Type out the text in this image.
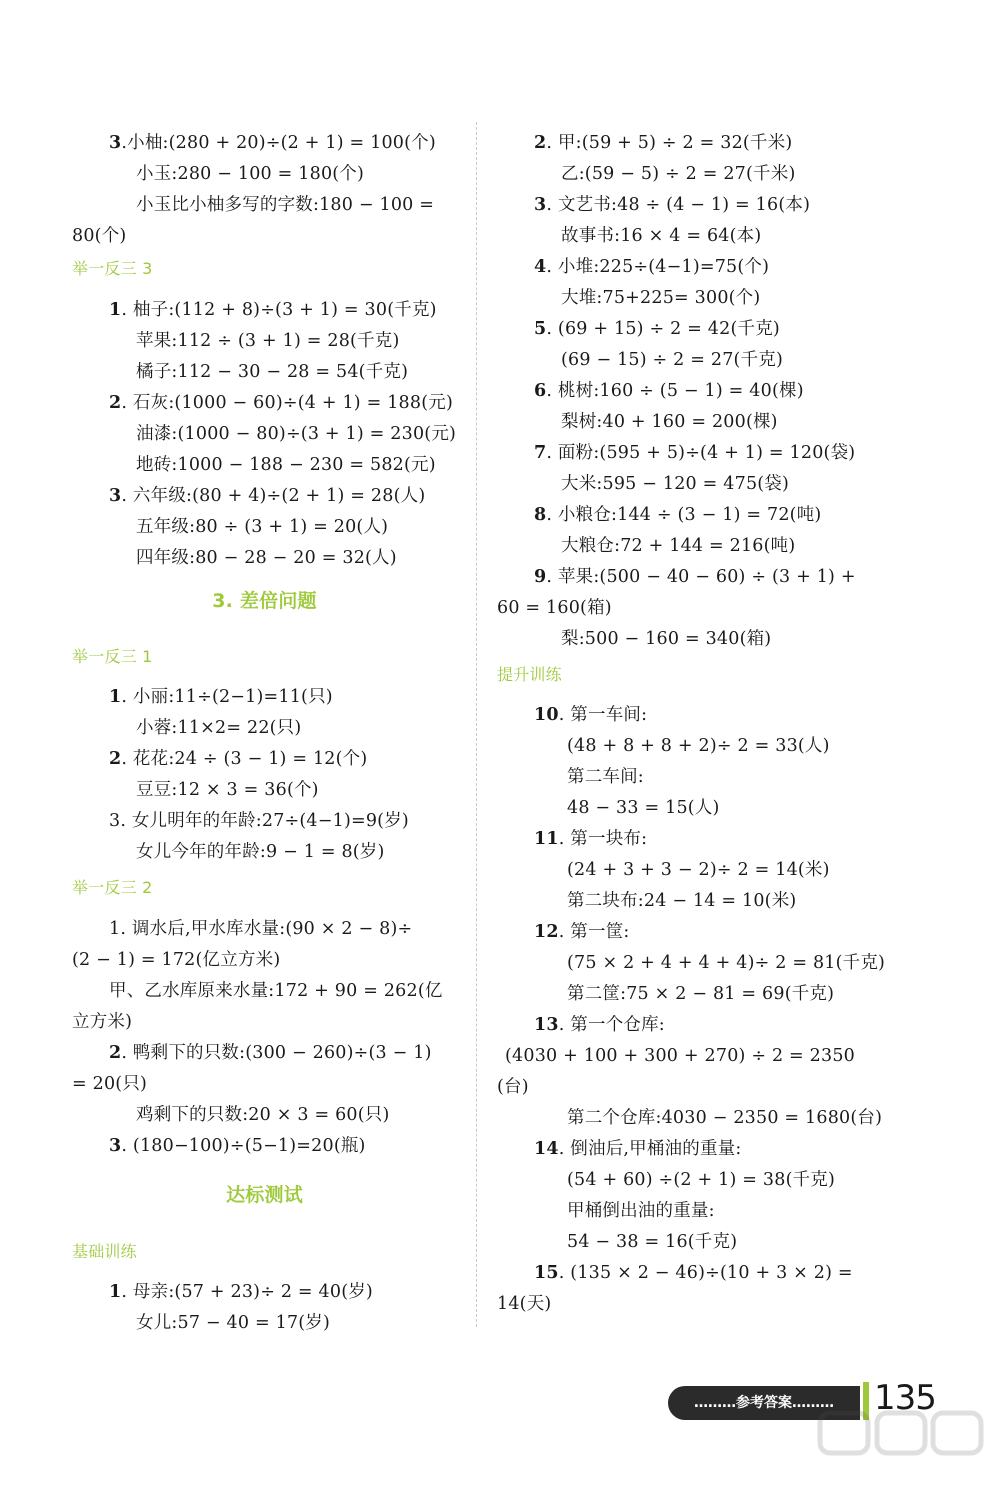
3.小柚:(280 + 20)÷(2 + 1) = 100(个)
小玉:280 − 100 = 180(个)
小玉比小柚多写的字数:180 − 100 =
80(个)
举一反三 3
1. 柚子:(112 + 8)÷(3 + 1) = 30(千克)
苹果:112 ÷ (3 + 1) = 28(千克)
橘子:112 − 30 − 28 = 54(千克)
2. 石灰:(1000 − 60)÷(4 + 1) = 188(元)
油漆:(1000 − 80)÷(3 + 1) = 230(元)
地砖:1000 − 188 − 230 = 582(元)
3. 六年级:(80 + 4)÷(2 + 1) = 28(人)
五年级:80 ÷ (3 + 1) = 20(人)
四年级:80 − 28 − 20 = 32(人)
3. 差倍问题
举一反三 1
1. 小丽:11÷(2−1)=11(只)
小蓉:11×2= 22(只)
2. 花花:24 ÷ (3 − 1) = 12(个)
豆豆:12 × 3 = 36(个)
3. 女儿明年的年龄:27÷(4−1)=9(岁)
女儿今年的年龄:9 − 1 = 8(岁)
举一反三 2
1. 调水后,甲水库水量:(90 × 2 − 8)÷
(2 − 1) = 172(亿立方米)
甲、乙水库原来水量:172 + 90 = 262(亿
立方米)
2. 鸭剩下的只数:(300 − 260)÷(3 − 1)
= 20(只)
鸡剩下的只数:20 × 3 = 60(只)
3. (180−100)÷(5−1)=20(瓶)
达标测试
基础训练
1. 母亲:(57 + 23)÷ 2 = 40(岁)
女儿:57 − 40 = 17(岁)
2. 甲:(59 + 5) ÷ 2 = 32(千米)
乙:(59 − 5) ÷ 2 = 27(千米)
3. 文艺书:48 ÷ (4 − 1) = 16(本)
故事书:16 × 4 = 64(本)
4. 小堆:225÷(4−1)=75(个)
大堆:75+225= 300(个)
5. (69 + 15) ÷ 2 = 42(千克)
(69 − 15) ÷ 2 = 27(千克)
6. 桃树:160 ÷ (5 − 1) = 40(棵)
梨树:40 + 160 = 200(棵)
7. 面粉:(595 + 5)÷(4 + 1) = 120(袋)
大米:595 − 120 = 475(袋)
8. 小粮仓:144 ÷ (3 − 1) = 72(吨)
大粮仓:72 + 144 = 216(吨)
9. 苹果:(500 − 40 − 60) ÷ (3 + 1) +
60 = 160(箱)
梨:500 − 160 = 340(箱)
提升训练
10. 第一车间:
(48 + 8 + 8 + 2)÷ 2 = 33(人)
第二车间:
48 − 33 = 15(人)
11. 第一块布:
(24 + 3 + 3 − 2)÷ 2 = 14(米)
第二块布:24 − 14 = 10(米)
12. 第一筐:
(75 × 2 + 4 + 4 + 4)÷ 2 = 81(千克)
第二筐:75 × 2 − 81 = 69(千克)
13. 第一个仓库:
(4030 + 100 + 300 + 270) ÷ 2 = 2350
(台)
第二个仓库:4030 − 2350 = 1680(台)
14. 倒油后,甲桶油的重量:
(54 + 60) ÷(2 + 1) = 38(千克)
甲桶倒出油的重量:
54 − 38 = 16(千克)
15. (135 × 2 − 46)÷(10 + 3 × 2) =
14(天)
………参考答案………	135
